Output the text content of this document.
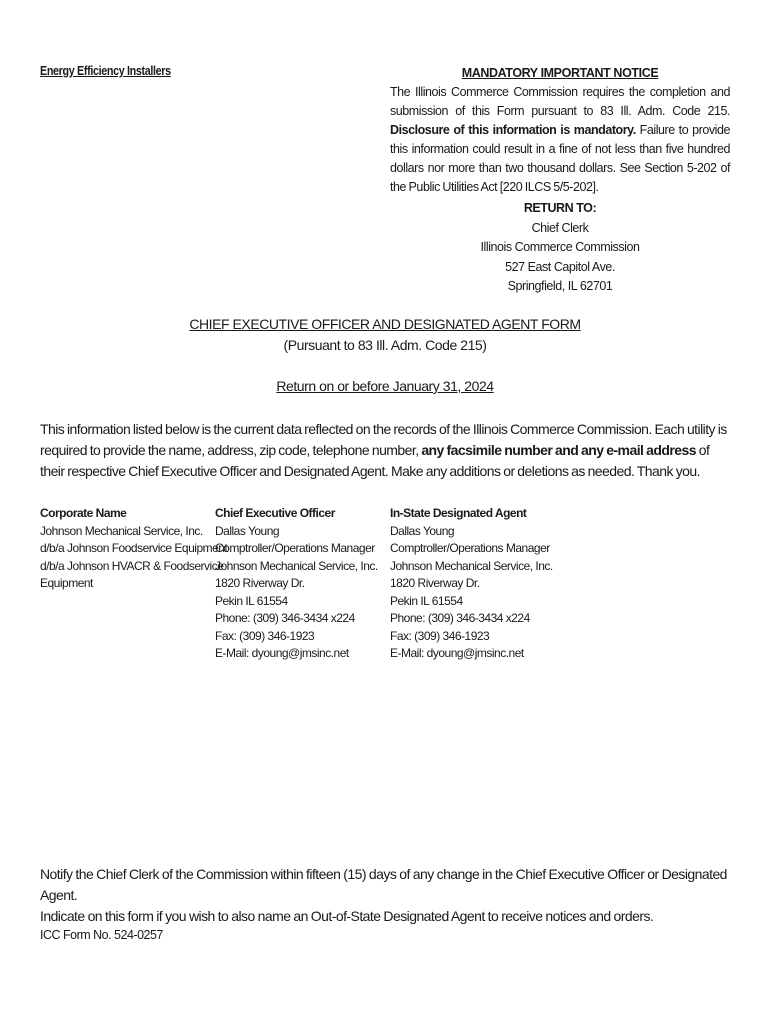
Energy Efficiency Installers	MANDATORY IMPORTANT NOTICE
The Illinois Commerce Commission requires the completion and submission of this Form pursuant to 83 Ill. Adm. Code 215. Disclosure of this information is mandatory. Failure to provide this information could result in a fine of not less than five hundred dollars nor more than two thousand dollars. See Section 5-202 of the Public Utilities Act [220 ILCS 5/5-202].
RETURN TO:
Chief Clerk
Illinois Commerce Commission
527 East Capitol Ave.
Springfield, IL 62701
CHIEF EXECUTIVE OFFICER AND DESIGNATED AGENT FORM
(Pursuant to 83 Ill. Adm. Code 215)
Return on or before January 31, 2024
This information listed below is the current data reflected on the records of the Illinois Commerce Commission. Each utility is required to provide the name, address, zip code, telephone number, any facsimile number and any e-mail address of their respective Chief Executive Officer and Designated Agent. Make any additions or deletions as needed. Thank you.
Corporate Name
Johnson Mechanical Service, Inc.
d/b/a Johnson Foodservice Equipment
d/b/a Johnson HVACR & Foodservice
Equipment
Chief Executive Officer
Dallas Young
Comptroller/Operations Manager
Johnson Mechanical Service, Inc.
1820 Riverway Dr.
Pekin IL 61554
Phone: (309) 346-3434 x224
Fax: (309) 346-1923
E-Mail: dyoung@jmsinc.net
In-State Designated Agent
Dallas Young
Comptroller/Operations Manager
Johnson Mechanical Service, Inc.
1820 Riverway Dr.
Pekin IL 61554
Phone: (309) 346-3434 x224
Fax: (309) 346-1923
E-Mail: dyoung@jmsinc.net
Notify the Chief Clerk of the Commission within fifteen (15) days of any change in the Chief Executive Officer or Designated Agent.
Indicate on this form if you wish to also name an Out-of-State Designated Agent to receive notices and orders.
ICC Form No. 524-0257
